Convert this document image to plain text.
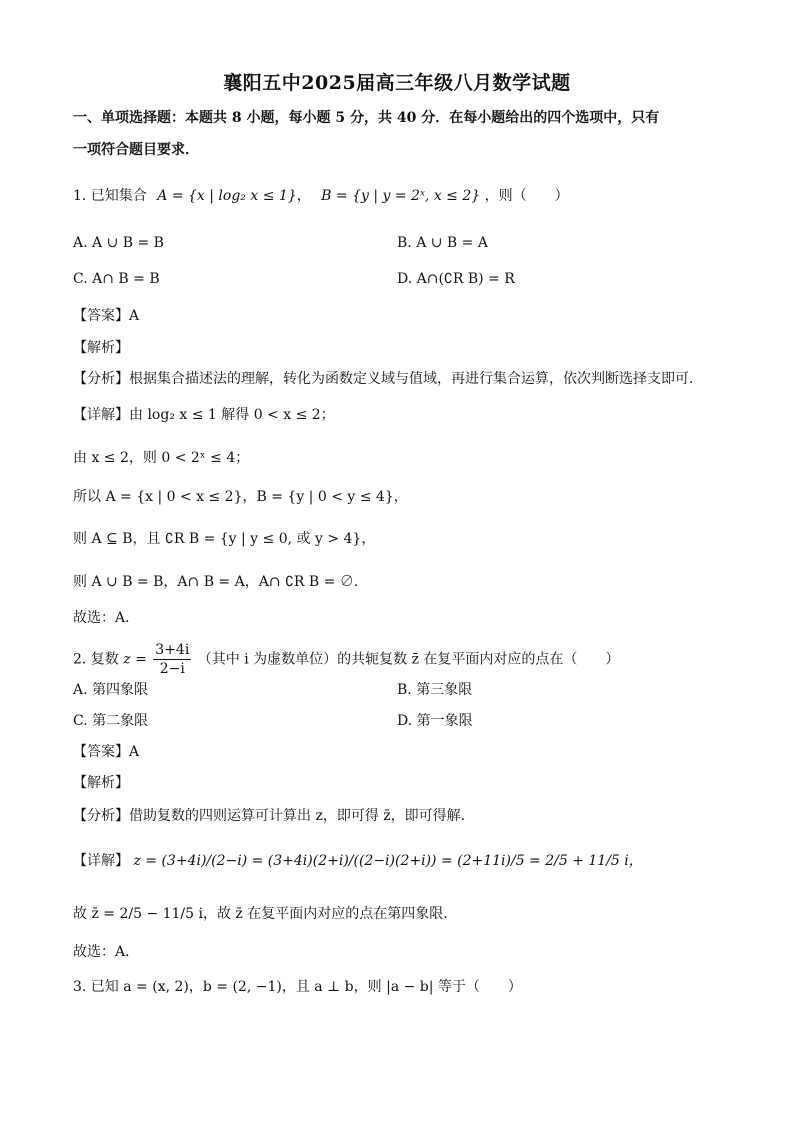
襄阳五中2025届高三年级八月数学试题
一、单项选择题：本题共 8 小题，每小题 5 分，共 40 分．在每小题给出的四个选项中，只有
一项符合题目要求．
1. 已知集合 A = {x | log₂ x ≤ 1}， B = {y | y = 2ˣ, x ≤ 2} ，则（　　）
A. A ∪ B = B	B. A ∪ B = A
C. A∩ B = B	D. A∩(∁R B) = R
【答案】A
【解析】
【分析】根据集合描述法的理解，转化为函数定义域与值域，再进行集合运算，依次判断选择支即可.
【详解】由 log₂ x ≤ 1 解得 0 < x ≤ 2；
由 x ≤ 2，则 0 < 2ˣ ≤ 4；
所以 A = {x | 0 < x ≤ 2}，B = {y | 0 < y ≤ 4}，
则 A ⊆ B，且 ∁R B = {y | y ≤ 0, 或 y > 4}，
则 A ∪ B = B，A∩ B = A，A∩ ∁R B = ∅.
故选：A.
2. 复数 $z = \frac{3+4i}{2-i}$ （其中 i 为虚数单位）的共轭复数 z̄ 在复平面内对应的点在（　　）
A. 第四象限	B. 第三象限
C. 第二象限	D. 第一象限
【答案】A
【解析】
【分析】借助复数的四则运算可计算出 z，即可得 z̄，即可得解.
【详解】 z = (3+4i)/(2−i) = (3+4i)(2+i)/((2−i)(2+i)) = (2+11i)/5 = 2/5 + 11/5 i，
故 z̄ = 2/5 − 11/5 i，故 z̄ 在复平面内对应的点在第四象限.
故选：A.
3. 已知 a = (x, 2)，b = (2, −1)，且 a ⊥ b，则 |a − b| 等于（　　）
